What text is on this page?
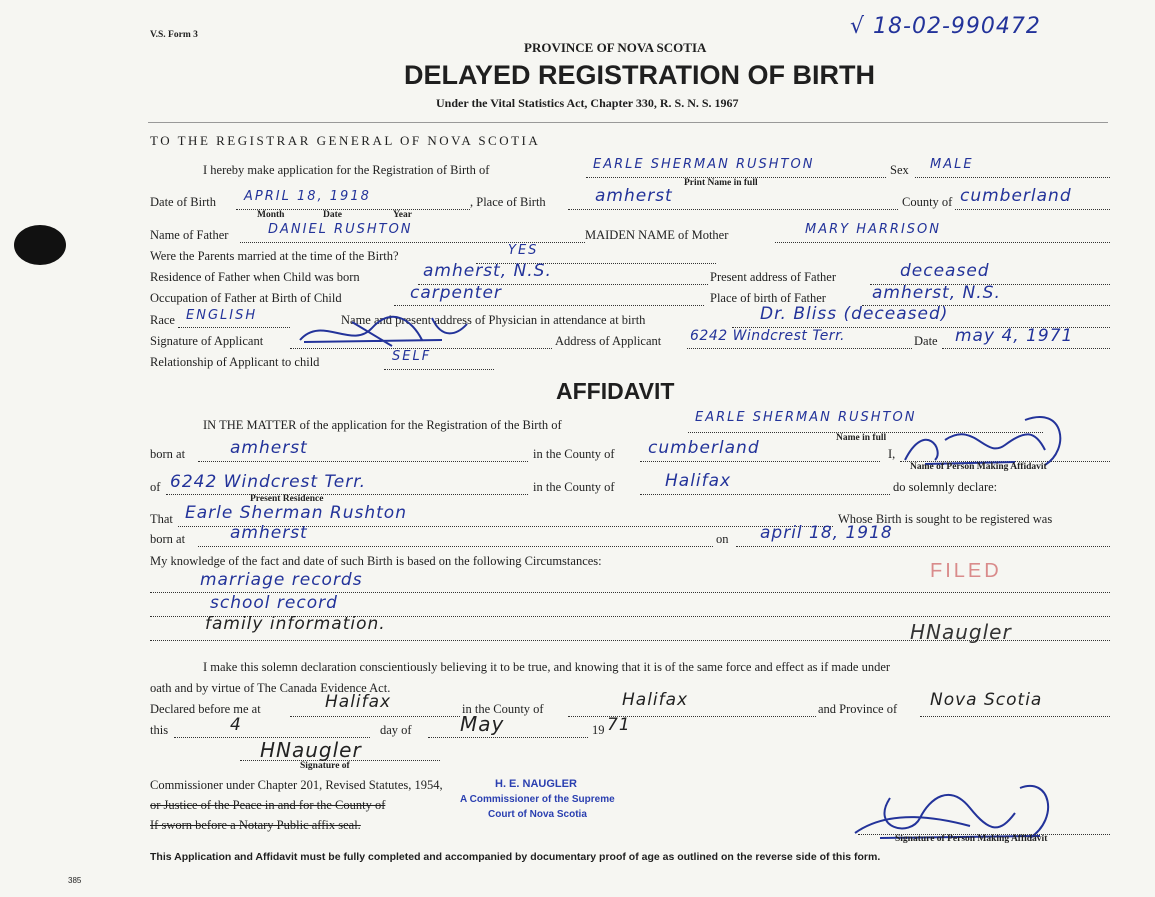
V.S. Form 3	√ 18-02-990472
PROVINCE OF NOVA SCOTIA
DELAYED REGISTRATION OF BIRTH
Under the Vital Statistics Act, Chapter 330, R. S. N. S. 1967
TO THE REGISTRAR GENERAL OF NOVA SCOTIA
I hereby make application for the Registration of Birth of	EARLE SHERMAN RUSHTON
Print Name in full
Sex MALE
Date of Birth APRIL 18, 1918
Month	Date	Year
, Place of Birth	amherst	County of cumberland
Name of Father	DANIEL RUSHTON	MAIDEN NAME of Mother	MARY HARRISON
Were the Parents married at the time of the Birth?	YES
Residence of Father when Child was born	amherst, N.S.	Present address of Father	deceased
Occupation of Father at Birth of Child	carpenter	Place of birth of Father	amherst, N.S.
Race ENGLISH	Name and present address of Physician in attendance at birth	Dr. Bliss (deceased)
Signature of Applicant	Address of Applicant 6242 Windcrest Terr.	Date may 4, 1971
Relationship of Applicant to child	SELF
AFFIDAVIT
IN THE MATTER of the application for the Registration of the Birth of	EARLE SHERMAN RUSHTON
Name in full
born at	amherst	in the County of cumberland	I,
Name of Person Making Affidavit
of 6242 Windcrest Terr.
Present Residence
in the County of	Halifax	do solemnly declare:
That Earle Sherman Rushton	Whose Birth is sought to be registered was
born at	amherst	on april 18, 1918
My knowledge of the fact and date of such Birth is based on the following Circumstances:
marriage records
school record
family information.
FILED
HNaugler
I make this solemn declaration conscientiously believing it to be true, and knowing that it is of the same force and effect as if made under
oath and by virtue of The Canada Evidence Act.
Declared before me at	Halifax	in the County of	Halifax	and Province of Nova Scotia
this	4	day of May	19 71
HNaugler
Signature of
Commissioner under Chapter 201, Revised Statutes, 1954,
or Justice of the Peace in and for the County of
If sworn before a Notary Public affix seal.
H. E. NAUGLER
A Commissioner of the Supreme
Court of Nova Scotia
Signature of Person Making Affidavit
This Application and Affidavit must be fully completed and accompanied by documentary proof of age as outlined on the reverse side of this form.
385
